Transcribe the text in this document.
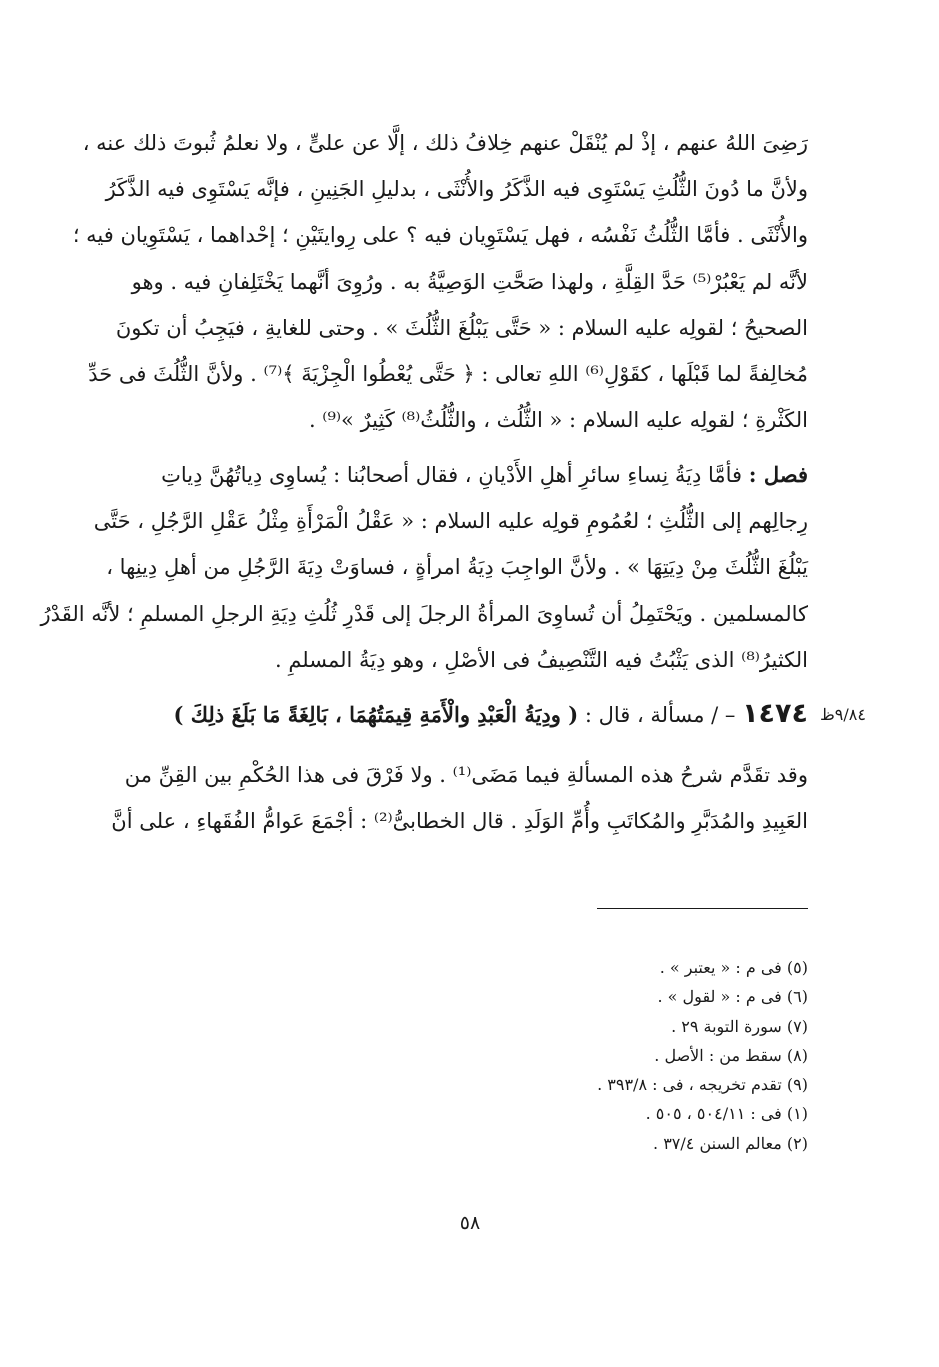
رَضِىَ اللهُ عنهم ، إذْ لم يُنْقَلْ عنهم خِلافُ ذلك ، إلَّا عن علىٍّ ، ولا نعلمُ ثُبوتَ ذلك عنه ،
ولأنَّ ما دُونَ الثُّلُثِ يَسْتَوِى فيه الذَّكَرُ والأُنْثَى ، بدليلِ الجَنِينِ ، فإنَّه يَسْتَوِى فيه الذَّكَرُ
والأُنْثَى . فأمَّا الثُّلُثُ نَفْسُه ، فهل يَسْتَوِيان فيه ؟ على رِوايتَيْنِ ؛ إحْداهما ، يَسْتَوِيان فيه ؛
لأنَّه لم يَعْبُرْ⁽⁵⁾ حَدَّ القِلَّةِ ، ولهذا صَحَّتِ الوَصِيَّةُ به . ورُوِىَ أنَّهما يَخْتَلِفانِ فيه . وهو
الصحيحُ ؛ لقولِه عليه السلام : « حَتَّى يَبْلُغَ الثُّلُثَ » . وحتى للغايةِ ، فيَجِبُ أن تكونَ
مُخالِفةً لما قَبْلَها ، كقَوْلِ⁽⁶⁾ اللهِ تعالى : ﴿ حَتَّى يُعْطُوا الْجِزْيَةَ ﴾⁽⁷⁾ . ولأنَّ الثُّلُثَ فى حَدِّ
الكَثْرةِ ؛ لقولِه عليه السلام : « الثُّلُث ، والثُّلُثُ⁽⁸⁾ كَثِيرٌ »⁽⁹⁾ .
فصل : فأمَّا دِيَةُ نِساءِ سائرِ أهلِ الأَدْيانِ ، فقال أصحابُنا : يُساوِى دِياتُهُنَّ دِياتِ
رِجالِهم إلى الثُّلُثِ ؛ لعُمُومِ قولِه عليه السلام : « عَقْلُ الْمَرْأَةِ مِثْلُ عَقْلِ الرَّجُلِ ، حَتَّى
يَبْلُغَ الثُّلُثَ مِنْ دِيَتِهَا » . ولأنَّ الواجِبَ دِيَةُ امرأةٍ ، فساوَتْ دِيَةَ الرَّجُلِ من أهلِ دِينِها ،
كالمسلمين . ويَحْتَمِلُ أن تُساوِىَ المرأةُ الرجلَ إلى قَدْرِ ثُلُثِ دِيَةِ الرجلِ المسلمِ ؛ لأنَّه القَدْرُ
الكثيرُ⁽⁸⁾ الذى يَثْبُتُ فيه التَّنْصِيفُ فى الأصْلِ ، وهو دِيَةُ المسلمِ .
١٤٧٤ – / مسألة ، قال : ( ودِيَةُ الْعَبْدِ والْأَمَةِ قِيمَتُهُمَا ، بَالِغَةً مَا بَلَغَ ذلِكَ )	٩/٨٤ظ
وقد تقَدَّم شرحُ هذه المسألةِ فيما مَضَى⁽¹⁾ . ولا فَرْقَ فى هذا الحُكْمِ بين القِنِّ من
العَبِيدِ والمُدَبَّرِ والمُكاتَبِ وأُمِّ الوَلَدِ . قال الخطابىُّ⁽²⁾ : أجْمَعَ عَوامُّ الفُقَهاءِ ، على أنَّ
(٥) فى م : « يعتبر » .
(٦) فى م : « لقول » .
(٧) سورة التوبة ٢٩ .
(٨) سقط من : الأصل .
(٩) تقدم تخريجه ، فى : ٣٩٣/٨ .
(١) فى : ٥٠٤/١١ ، ٥٠٥ .
(٢) معالم السنن ٣٧/٤ .
٥٨
